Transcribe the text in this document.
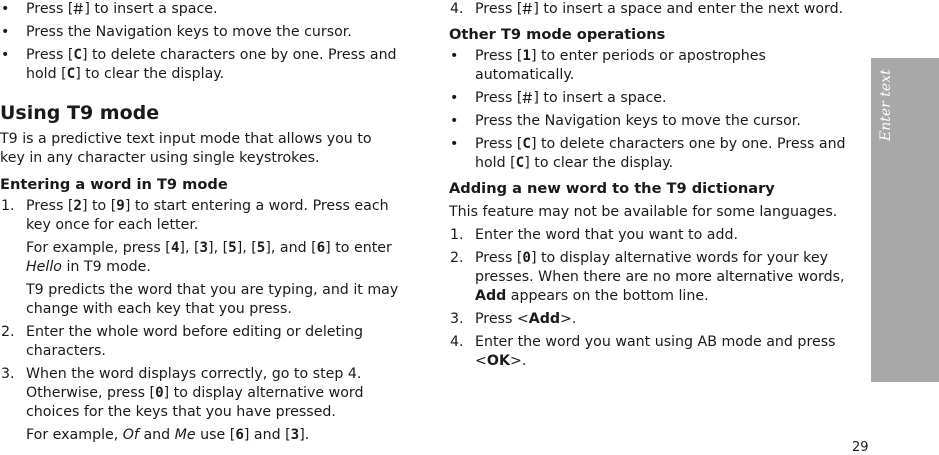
Enter text
29

• Press [ ] to insert a space.

• Press the Navigation keys to move the cursor.

• Press [C] to delete characters one by one. Press and hold [C] to clear the display.

Using T9 mode

T9 is a predictive text input mode that allows you to key in any character using single keystrokes.

Entering a word in T9 mode

1. Press [2] to [9] to start entering a word. Press each key once for each letter.

For example, press [4], [3], [5], [5], and [6] to enter Hello in T9 mode.

T9 predicts the word that you are typing, and it may change with each key that you press.

2. Enter the whole word before editing or deleting characters.

3. When the word displays correctly, go to step 4. Otherwise, press [0] to display alternative word choices for the keys that you have pressed.

For example, Of and Me use [6] and [3].

4. Press [ ] to insert a space and enter the next word.

Other T9 mode operations

• Press [1] to enter periods or apostrophes automatically.

• Press [ ] to insert a space.

• Press the Navigation keys to move the cursor.

• Press [C] to delete characters one by one. Press and hold [C] to clear the display.

Adding a new word to the T9 dictionary

This feature may not be available for some languages.

1. Enter the word that you want to add.

2. Press [0] to display alternative words for your key presses. When there are no more alternative words, Add appears on the bottom line.

3. Press <Add>.

4. Enter the word you want using AB mode and press <OK>.
